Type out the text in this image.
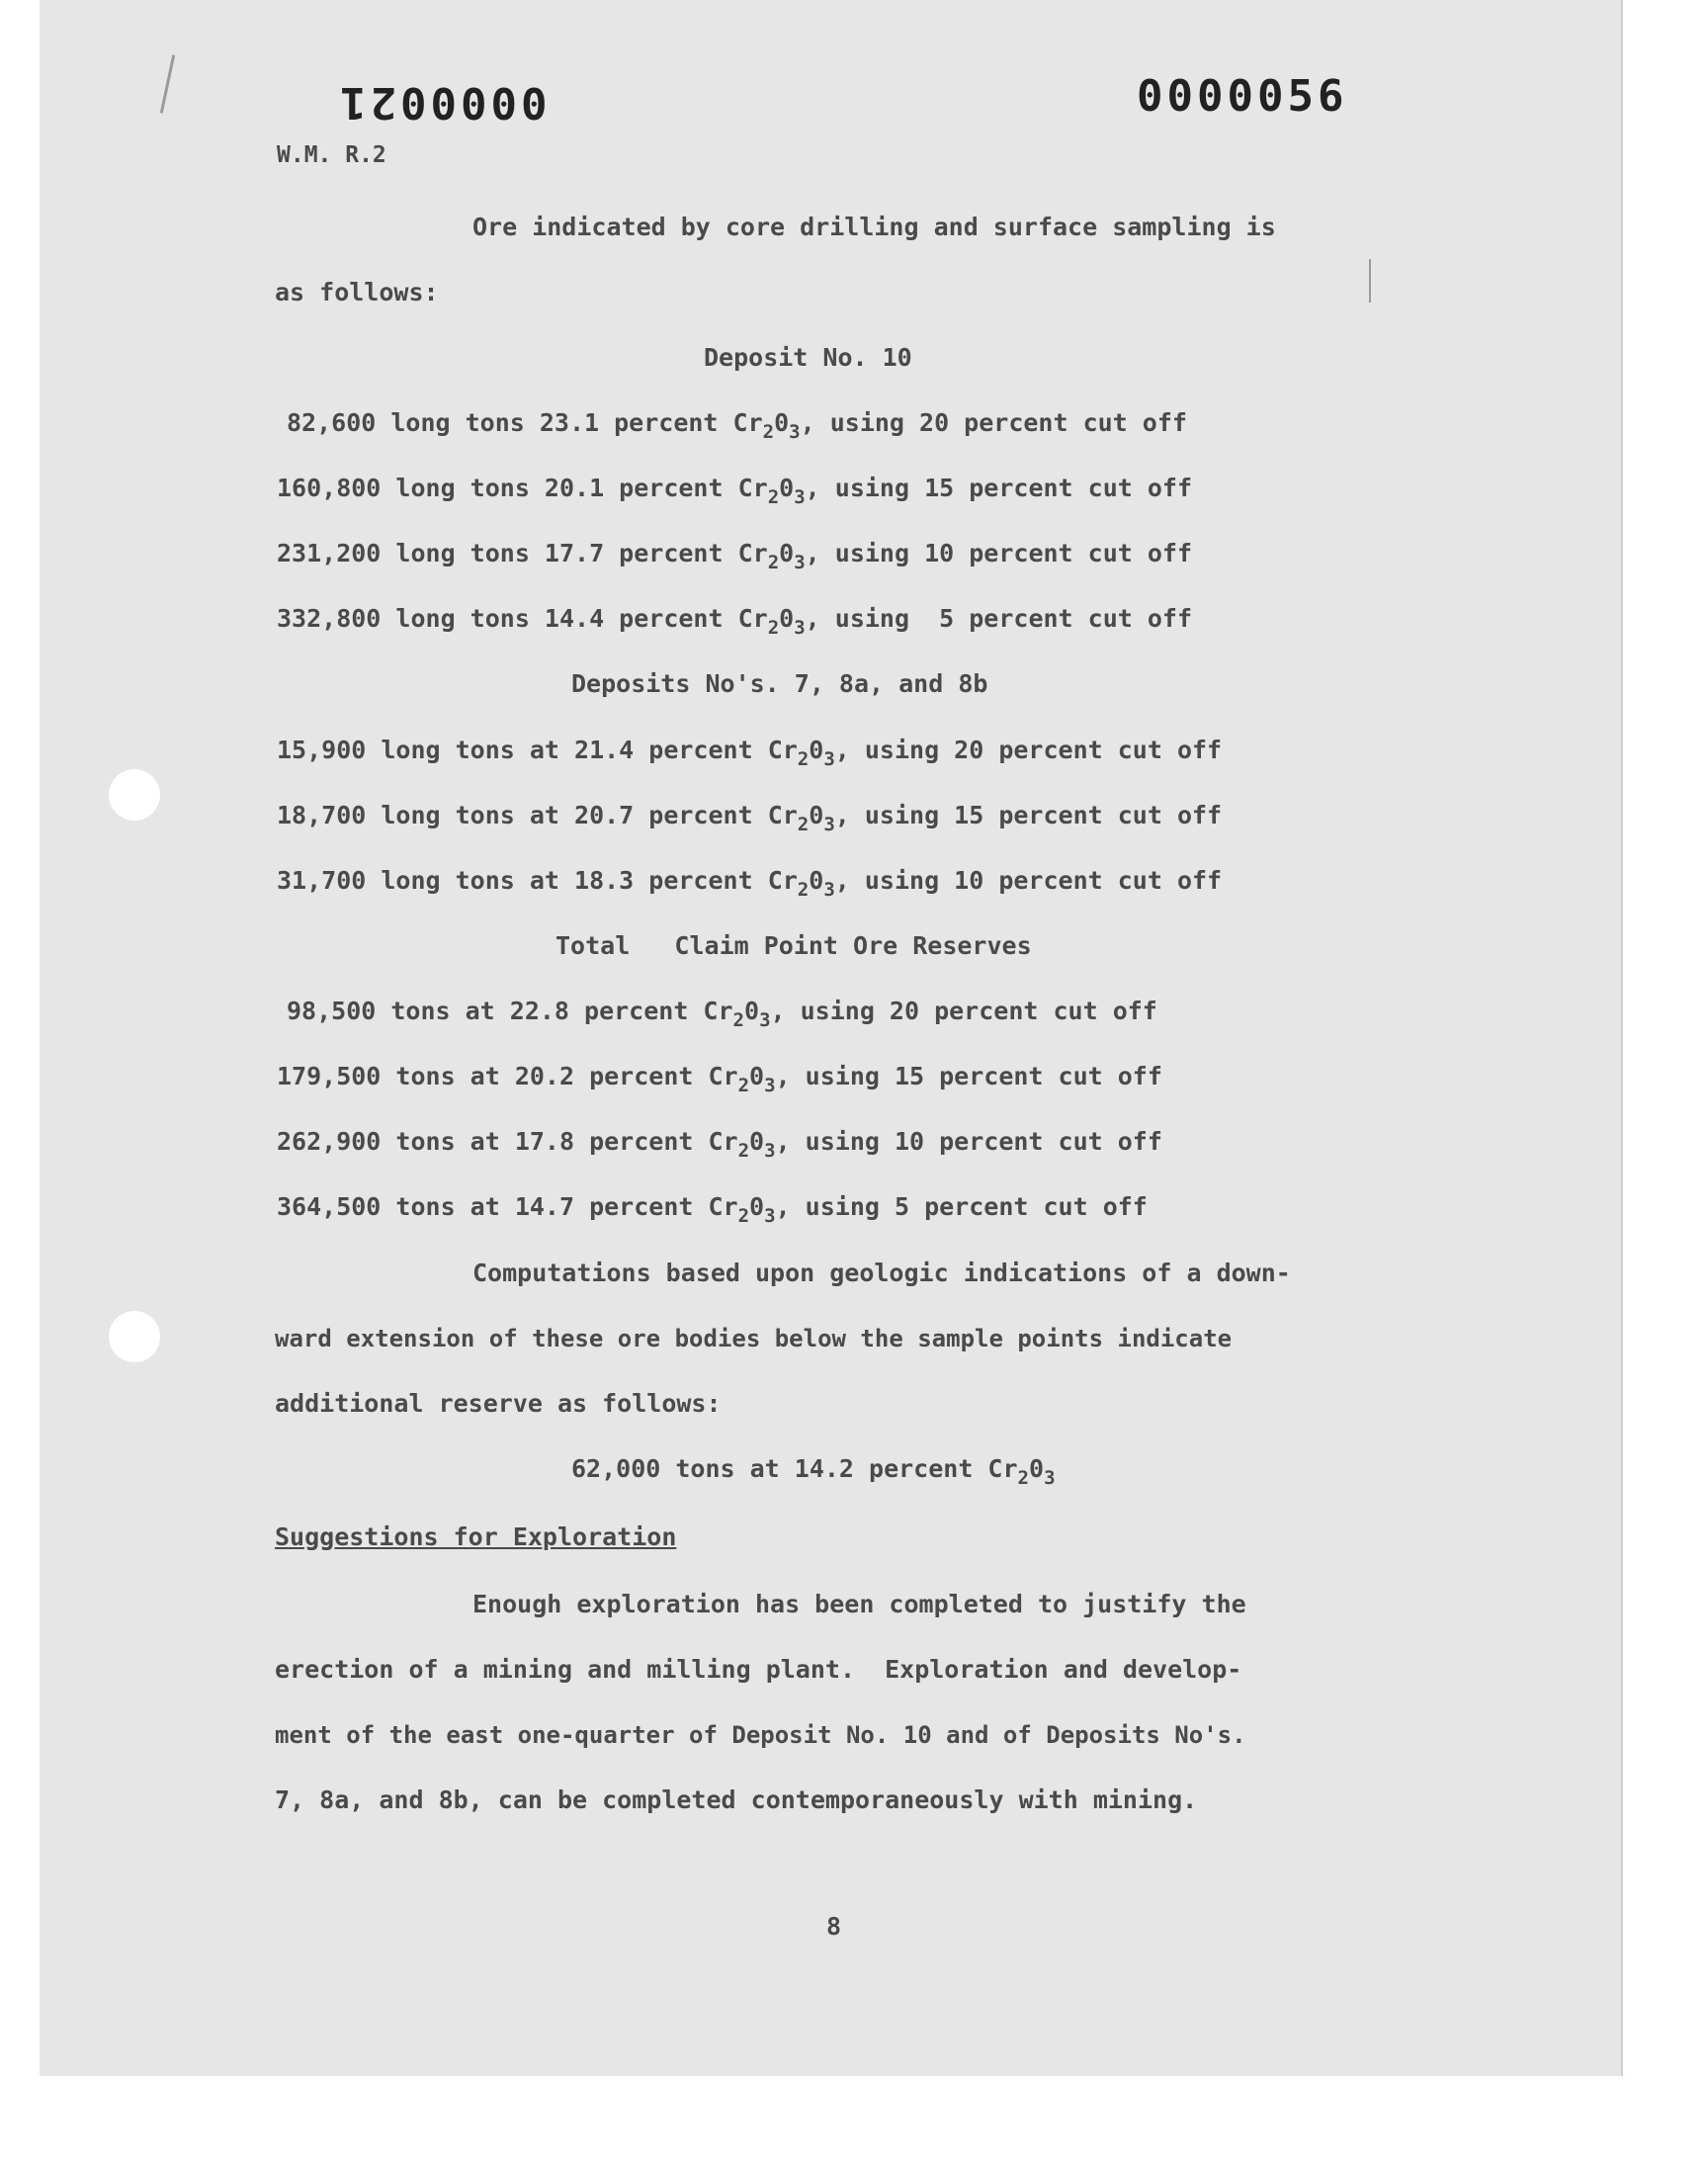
0000021	0000056
W.M. R.2
Ore indicated by core drilling and surface sampling is
as follows:
Deposit No. 10
82,600 long tons 23.1 percent $Cr_20_3$, using 20 percent cut off
160,800 long tons 20.1 percent $Cr_20_3$, using 15 percent cut off
231,200 long tons 17.7 percent $Cr_20_3$, using 10 percent cut off
332,800 long tons 14.4 percent $Cr_20_3$, using  5 percent cut off
Deposits No's. 7, 8a, and 8b
15,900 long tons at 21.4 percent $Cr_20_3$, using 20 percent cut off
18,700 long tons at 20.7 percent $Cr_20_3$, using 15 percent cut off
31,700 long tons at 18.3 percent $Cr_20_3$, using 10 percent cut off
Total   Claim Point Ore Reserves
98,500 tons at 22.8 percent $Cr_20_3$, using 20 percent cut off
179,500 tons at 20.2 percent $Cr_20_3$, using 15 percent cut off
262,900 tons at 17.8 percent $Cr_20_3$, using 10 percent cut off
364,500 tons at 14.7 percent $Cr_20_3$, using 5 percent cut off
Computations based upon geologic indications of a down-
ward extension of these ore bodies below the sample points indicate
additional reserve as follows:
62,000 tons at 14.2 percent $Cr_20_3$
Suggestions for Exploration
Enough exploration has been completed to justify the
erection of a mining and milling plant.  Exploration and develop-
ment of the east one-quarter of Deposit No. 10 and of Deposits No's.
7, 8a, and 8b, can be completed contemporaneously with mining.
8
